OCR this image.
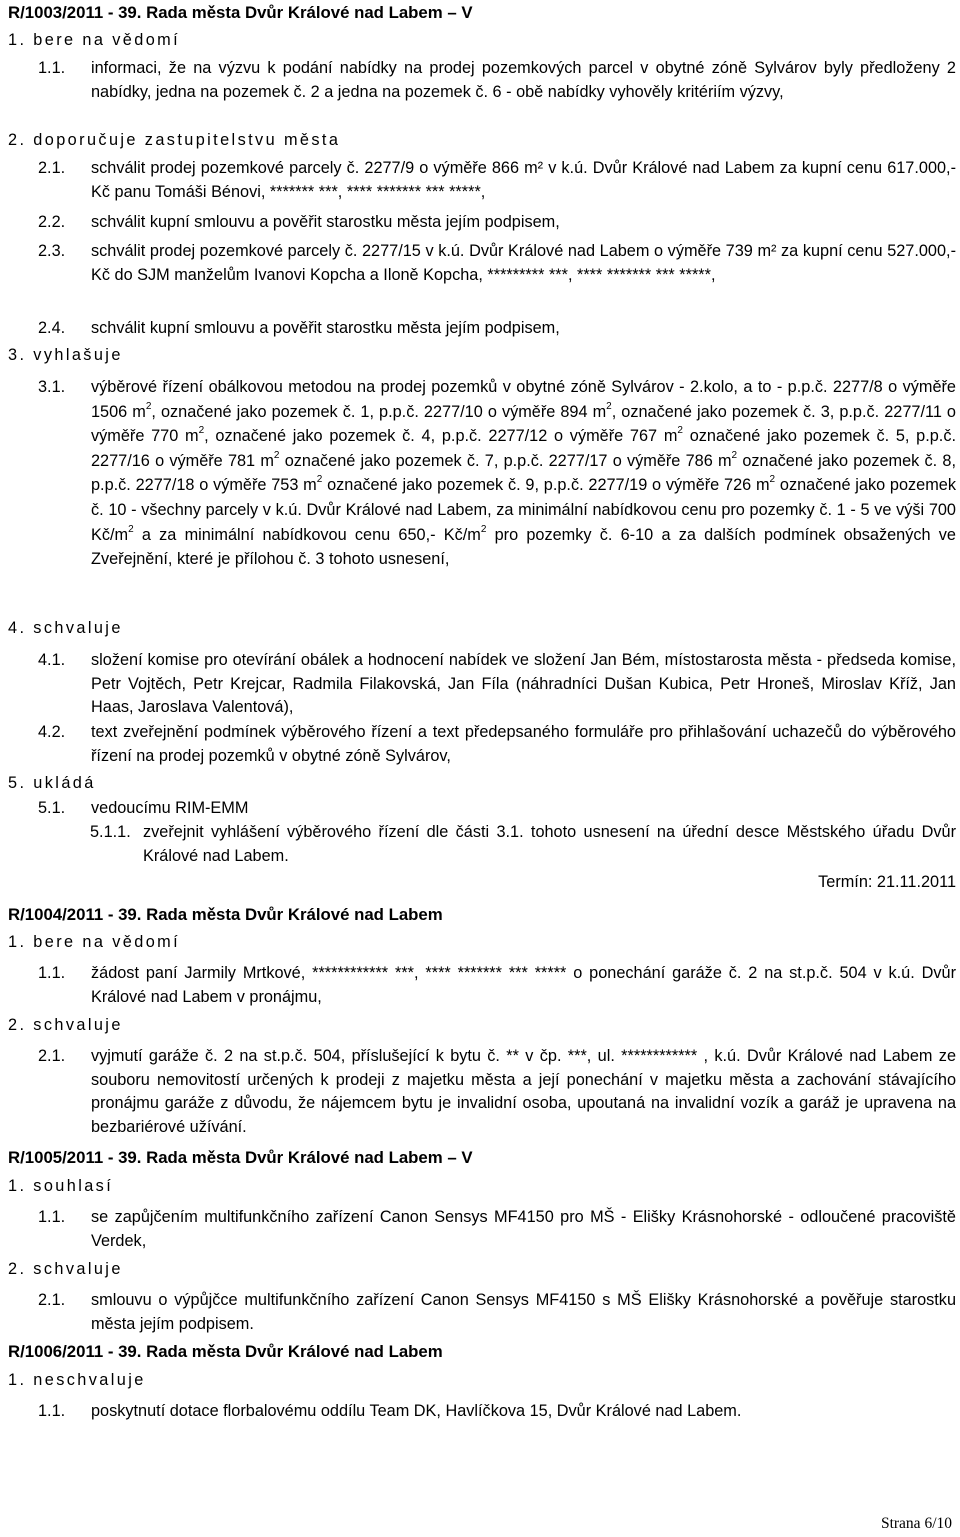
R/1003/2011 - 39. Rada města Dvůr Králové nad Labem – V
1. bere na vědomí
1.1. informaci, že na výzvu k podání nabídky na prodej pozemkových parcel v obytné zóně Sylvárov byly předloženy 2 nabídky, jedna na pozemek č. 2 a jedna na pozemek č. 6 - obě nabídky vyhověly kritériím výzvy,
2. doporučuje zastupitelstvu města
2.1. schválit prodej pozemkové parcely č. 2277/9 o výměře 866 m² v k.ú. Dvůr Králové nad Labem za kupní cenu 617.000,- Kč panu Tomáši Bénovi, ******* ***, **** ******* *** *****,
2.2. schválit kupní smlouvu a pověřit starostku města jejím podpisem,
2.3. schválit prodej pozemkové parcely č. 2277/15 v k.ú. Dvůr Králové nad Labem o výměře 739 m² za kupní cenu 527.000,- Kč do SJM manželům Ivanovi Kopcha a Iloně Kopcha, ********* ***, **** ******* *** *****,
2.4. schválit kupní smlouvu a pověřit starostku města jejím podpisem,
3. vyhlašuje
3.1. výběrové řízení obálkovou metodou na prodej pozemků v obytné zóně Sylvárov - 2.kolo, a to - p.p.č. 2277/8 o výměře 1506 $m^2$, označené jako pozemek č. 1, p.p.č. 2277/10 o výměře 894 $m^2$, označené jako pozemek č. 3, p.p.č. 2277/11 o výměře 770 $m^2$, označené jako pozemek č. 4, p.p.č. 2277/12 o výměře 767 $m^2$ označené jako pozemek č. 5, p.p.č. 2277/16 o výměře 781 $m^2$ označené jako pozemek č. 7, p.p.č. 2277/17 o výměře 786 $m^2$ označené jako pozemek č. 8, p.p.č. 2277/18 o výměře 753 $m^2$ označené jako pozemek č. 9, p.p.č. 2277/19 o výměře 726 $m^2$ označené jako pozemek č. 10 - všechny parcely v k.ú. Dvůr Králové nad Labem, za minimální nabídkovou cenu pro pozemky č. 1 - 5 ve výši 700 $Kč/m^2$ a za minimální nabídkovou cenu 650,- $Kč/m^2$ pro pozemky č. 6-10 a za dalších podmínek obsažených ve Zveřejnění, které je přílohou č. 3 tohoto usnesení,
4. schvaluje
4.1. složení komise pro otevírání obálek a hodnocení nabídek ve složení Jan Bém, místostarosta města - předseda komise, Petr Vojtěch, Petr Krejcar, Radmila Filakovská, Jan Fíla (náhradníci Dušan Kubica, Petr Hroneš, Miroslav Kříž, Jan Haas, Jaroslava Valentová),
4.2. text zveřejnění podmínek výběrového řízení a text předepsaného formuláře pro přihlašování uchazečů do výběrového řízení na prodej pozemků v obytné zóně Sylvárov,
5. ukládá
5.1. vedoucímu RIM-EMM
5.1.1. zveřejnit vyhlášení výběrového řízení dle části 3.1. tohoto usnesení na úřední desce Městského úřadu Dvůr Králové nad Labem.
Termín: 21.11.2011
R/1004/2011 - 39. Rada města Dvůr Králové nad Labem
1. bere na vědomí
1.1. žádost paní Jarmily Mrtkové, ************ ***, **** ******* *** ***** o ponechání garáže č. 2 na st.p.č. 504 v k.ú. Dvůr Králové nad Labem v pronájmu,
2. schvaluje
2.1. vyjmutí garáže č. 2 na st.p.č. 504, příslušející k bytu č. ** v čp. ***, ul. ************ , k.ú. Dvůr Králové nad Labem ze souboru nemovitostí určených k prodeji z majetku města a její ponechání v majetku města a zachování stávajícího pronájmu garáže z důvodu, že nájemcem bytu je invalidní osoba, upoutaná na invalidní vozík a garáž je upravena na bezbariérové užívání.
R/1005/2011 - 39. Rada města Dvůr Králové nad Labem – V
1. souhlasí
1.1. se zapůjčením multifunkčního zařízení Canon Sensys MF4150 pro MŠ - Elišky Krásnohorské - odloučené pracoviště Verdek,
2. schvaluje
2.1. smlouvu o výpůjčce multifunkčního zařízení Canon Sensys MF4150 s MŠ Elišky Krásnohorské a pověřuje starostku města jejím podpisem.
R/1006/2011 - 39. Rada města Dvůr Králové nad Labem
1. neschvaluje
1.1. poskytnutí dotace florbalovému oddílu Team DK, Havlíčkova 15, Dvůr Králové nad Labem.
Strana 6/10
